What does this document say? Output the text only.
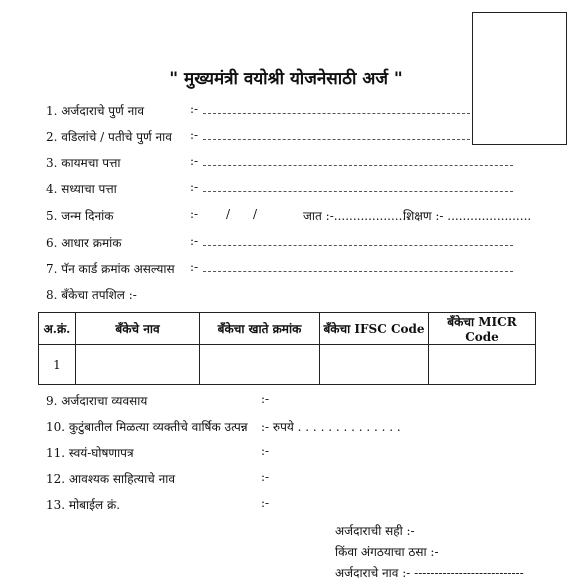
" मुख्यमंत्री वयोश्री योजनेसाठी अर्ज "
1. अर्जदाराचे पुर्ण नाव	:-
2. वडिलांचे / पतीचे पुर्ण नाव :-
3. कायमचा पत्ता	:-
4. सध्याचा पत्ता	:-
5. जन्म दिनांक	:- / /	जात :-....................
शिक्षण :- ......................
6. आधार क्रमांक	:-
7. पॅन कार्ड क्रमांक असल्यास :-
8. बँकेचा तपशिल :-
अ.क्रं.	बँकेचे नाव	बँकेचा खाते क्रमांक	बँकेचा IFSC Code	बँकेचा MICR Code
1				
9. अर्जदाराचा व्यवसाय	:-
10. कुटुंबातील मिळत्या व्यक्तीचे वार्षिक उत्पन्न :- रुपये . . . . . . . . . . . . . .
11. स्वयं-घोषणापत्र	:-
12. आवश्यक साहित्याचे नाव	:-
13. मोबाईल क्रं.	:-
अर्जदाराची सही :-
किंवा अंगठयाचा ठसा :-
अर्जदाराचे नाव :- ---------------------------
